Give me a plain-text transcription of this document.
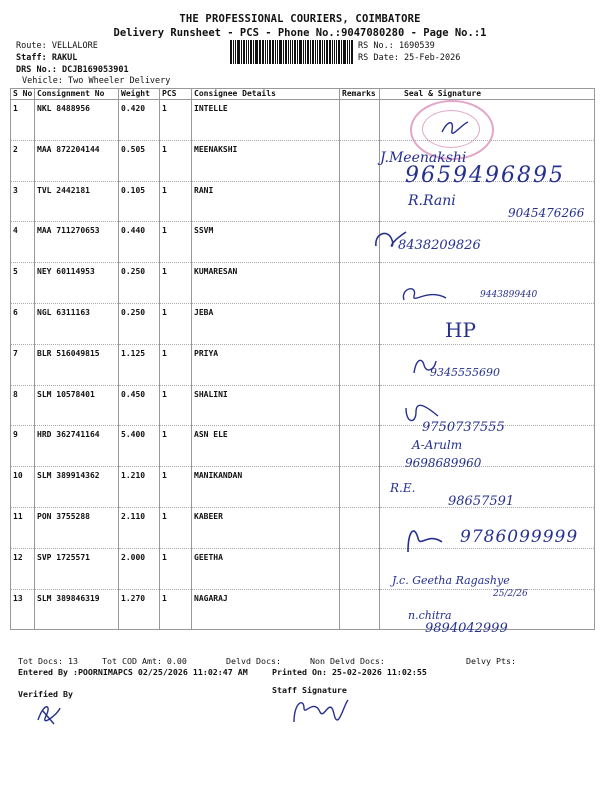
THE PROFESSIONAL COURIERS, COIMBATORE
Delivery Runsheet - PCS - Phone No.:9047080280 - Page No.:1
Route: VELLALORE
Staff: RAKUL
DRS No.: DCJB169053901
Vehicle: Two Wheeler Delivery
RS No.: 1690539
RS Date: 25-Feb-2026
S No	Consignment No	Weight	PCS	Consignee Details	Remarks	Seal & Signature
1	NKL 8488956	0.420	1	INTELLE		
2	MAA 872204144	0.505	1	MEENAKSHI		
3	TVL 2442181	0.105	1	RANI		
4	MAA 711270653	0.440	1	SSVM		
5	NEY 60114953	0.250	1	KUMARESAN		
6	NGL 6311163	0.250	1	JEBA		
7	BLR 516049815	1.125	1	PRIYA		
8	SLM 10578401	0.450	1	SHALINI		
9	HRD 362741164	5.400	1	ASN ELE		
10	SLM 389914362	1.210	1	MANIKANDAN		
11	PON 3755288	2.110	1	KABEER		
12	SVP 1725571	2.000	1	GEETHA		
13	SLM 389846319	1.270	1	NAGARAJ		
J.Meenakshi
9659496895
R.Rani
9045476266
8438209826
9443899440
HP
9345555690
9750737555
A-Arulm
9698689960
R.E.
98657591
9786099999
J.c. Geetha Ragashye
25/2/26
n.chitra
9894042999
Tot Docs: 13	Tot COD Amt: 0.00	Delvd Docs:	Non Delvd Docs:	Delvy Pts:
Entered By :POORNIMAPCS 02/25/2026 11:02:47 AM	Printed On: 25-02-2026 11:02:55
Verified By	Staff Signature
